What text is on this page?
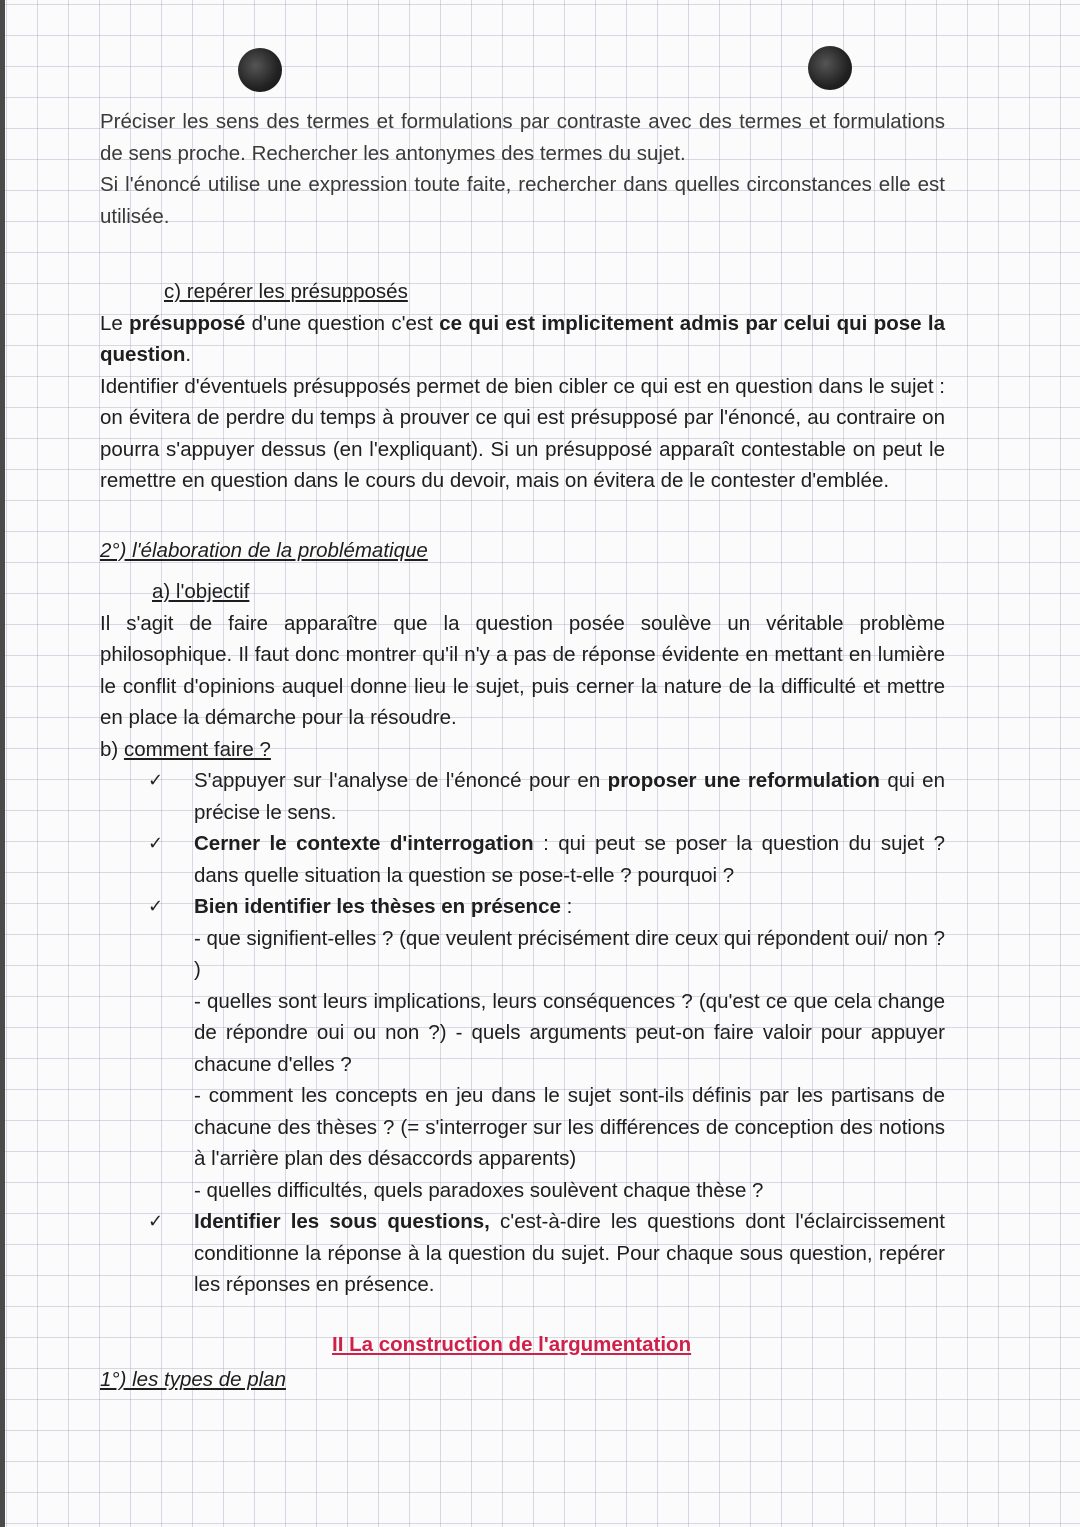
Préciser les sens des termes et formulations par contraste avec des termes et formulations de sens proche. Rechercher les antonymes des termes du sujet.

Si l'énoncé utilise une expression toute faite, rechercher dans quelles circonstances elle est utilisée.

c) repérer les présupposés

Le présupposé d'une question c'est ce qui est implicitement admis par celui qui pose la question.

Identifier d'éventuels présupposés permet de bien cibler ce qui est en question dans le sujet : on évitera de perdre du temps à prouver ce qui est présupposé par l'énoncé, au contraire on pourra s'appuyer dessus (en l'expliquant). Si un présupposé apparaît contestable on peut le remettre en question dans le cours du devoir, mais on évitera de le contester d'emblée.

2°) l'élaboration de la problématique

a) l'objectif

Il s'agit de faire apparaître que la question posée soulève un véritable problème philosophique. Il faut donc montrer qu'il n'y a pas de réponse évidente en mettant en lumière le conflit d'opinions auquel donne lieu le sujet, puis cerner la nature de la difficulté et mettre en place la démarche pour la résoudre.

b) comment faire ?

✓ S'appuyer sur l'analyse de l'énoncé pour en proposer une reformulation qui en précise le sens.
✓ Cerner le contexte d'interrogation : qui peut se poser la question du sujet ? dans quelle situation la question se pose-t-elle ? pourquoi ?
✓ Bien identifier les thèses en présence :

- que signifient-elles ? (que veulent précisément dire ceux qui répondent oui/ non ? )

- quelles sont leurs implications, leurs conséquences ? (qu'est ce que cela change de répondre oui ou non ?) - quels arguments peut-on faire valoir pour appuyer chacune d'elles ?

- comment les concepts en jeu dans le sujet sont-ils définis par les partisans de chacune des thèses ? (= s'interroger sur les différences de conception des notions à l'arrière plan des désaccords apparents)

- quelles difficultés, quels paradoxes soulèvent chaque thèse ?

✓ Identifier les sous questions, c'est-à-dire les questions dont l'éclaircissement conditionne la réponse à la question du sujet. Pour chaque sous question, repérer les réponses en présence.

II La construction de l'argumentation

1°) les types de plan
